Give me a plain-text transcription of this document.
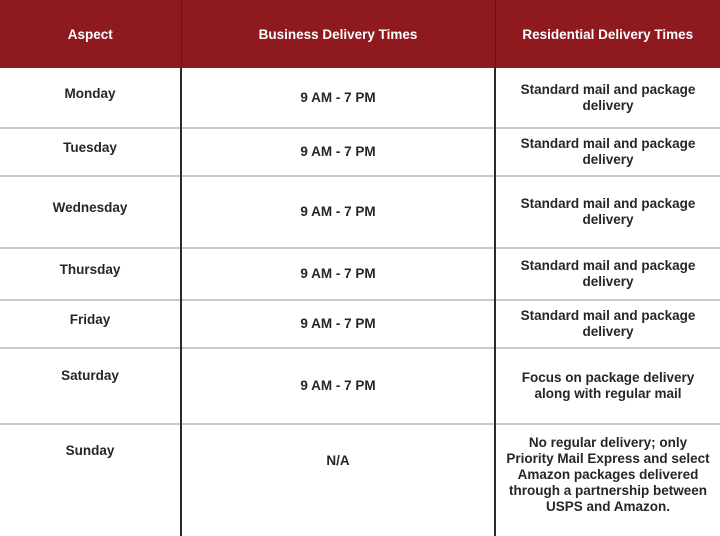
Aspect	Business Delivery Times	Residential Delivery Times
Monday	9 AM - 7 PM	Standard mail and package delivery
Tuesday	9 AM - 7 PM	Standard mail and package delivery
Wednesday	9 AM - 7 PM	Standard mail and package delivery
Thursday	9 AM - 7 PM	Standard mail and package delivery
Friday	9 AM - 7 PM	Standard mail and package delivery
Saturday	9 AM - 7 PM	Focus on package delivery along with regular mail
Sunday	N/A	No regular delivery; only Priority Mail Express and select Amazon packages delivered through a partnership between USPS and Amazon.
